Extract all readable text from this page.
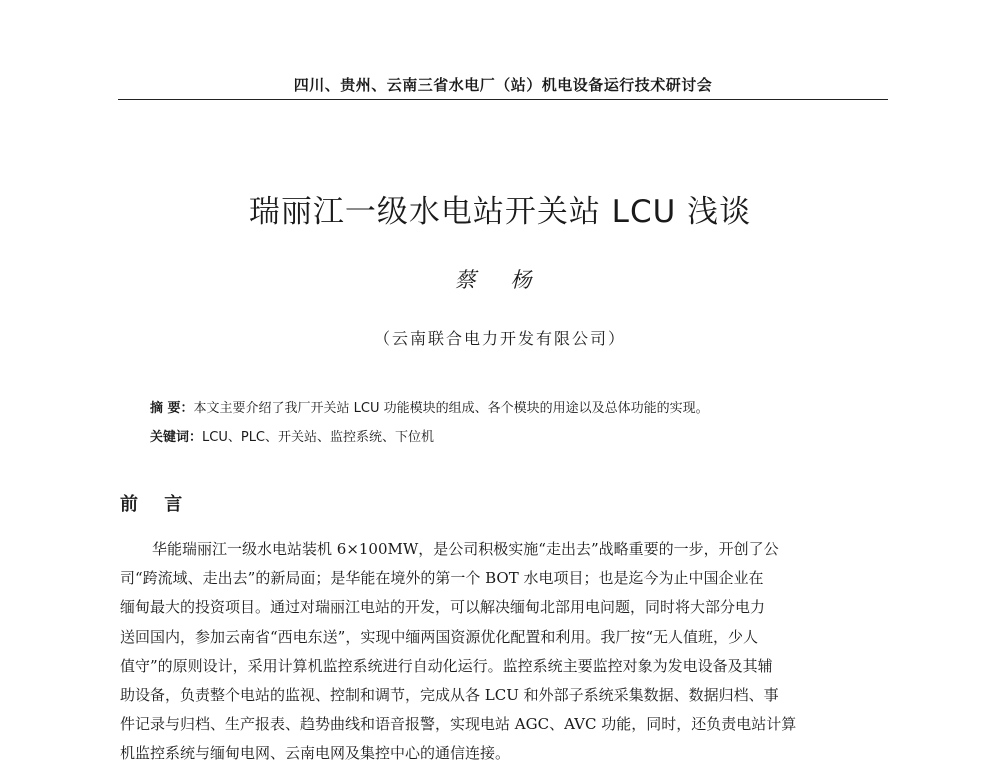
四川、贵州、云南三省水电厂（站）机电设备运行技术研讨会
瑞丽江一级水电站开关站 LCU 浅谈
蔡 杨
（云南联合电力开发有限公司）
摘 要：本文主要介绍了我厂开关站 LCU 功能模块的组成、各个模块的用途以及总体功能的实现。
关键词：LCU、PLC、开关站、监控系统、下位机
前 言
华能瑞丽江一级水电站装机 6×100MW，是公司积极实施“走出去”战略重要的一步，开创了公
司“跨流域、走出去”的新局面；是华能在境外的第一个 BOT 水电项目；也是迄今为止中国企业在
缅甸最大的投资项目。通过对瑞丽江电站的开发，可以解决缅甸北部用电问题，同时将大部分电力
送回国内，参加云南省“西电东送”，实现中缅两国资源优化配置和利用。我厂按“无人值班，少人
值守”的原则设计，采用计算机监控系统进行自动化运行。监控系统主要监控对象为发电设备及其辅
助设备，负责整个电站的监视、控制和调节，完成从各 LCU 和外部子系统采集数据、数据归档、事
件记录与归档、生产报表、趋势曲线和语音报警，实现电站 AGC、AVC 功能，同时，还负责电站计算
机监控系统与缅甸电网、云南电网及集控中心的通信连接。
